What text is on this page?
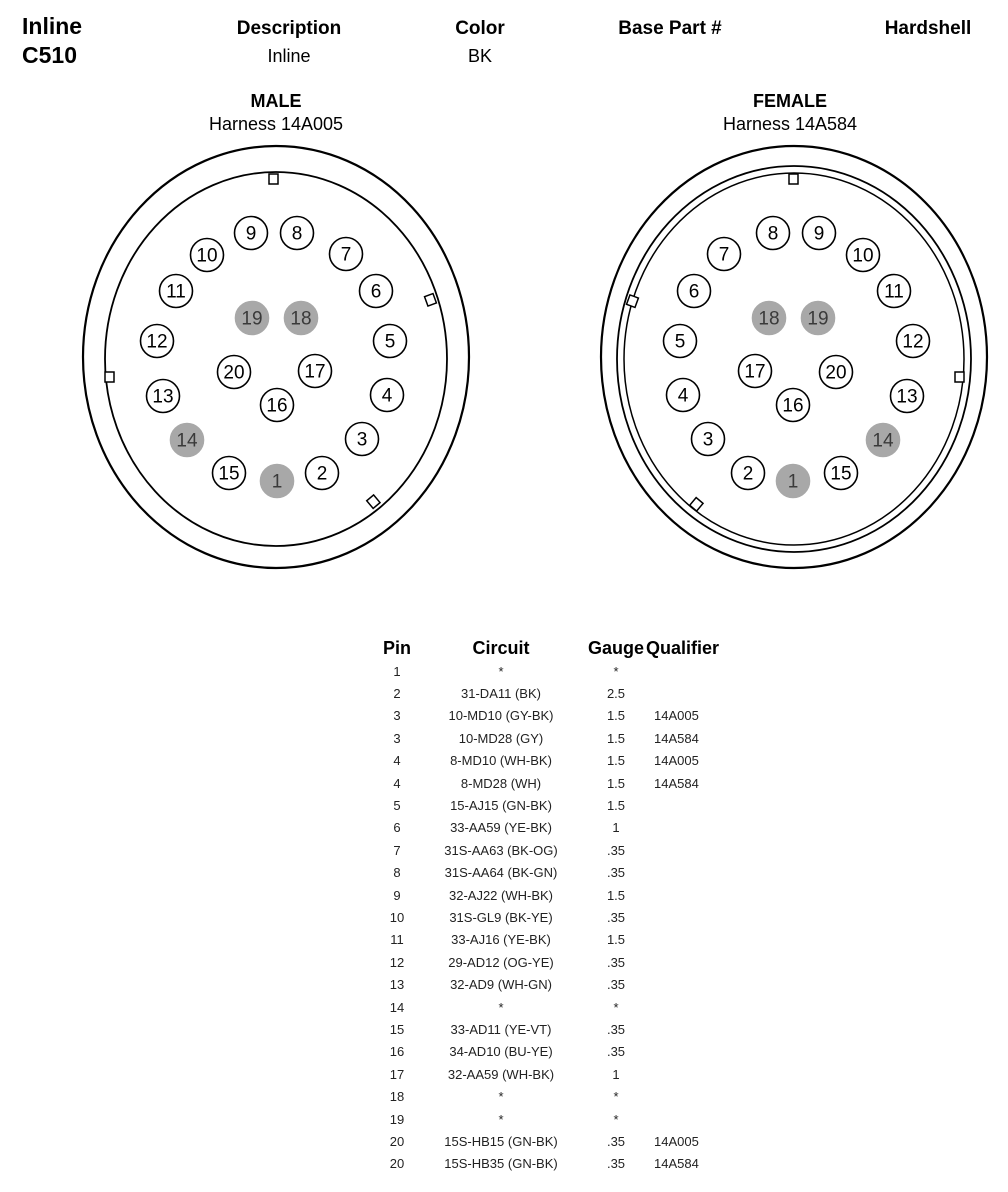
Inline
C510
Description
Inline
Color
BK
Base Part #	Hardshell
MALE
Harness 14A005
FEMALE
Harness 14A584
1 2
3
4
5
6
7
8
9
10
11
12
13
14
15
16
17
18
19
20
1
2
3
4
5
6
7
8 9
10
11
12
13
14
15
16
17
18 19
20
Pin	Circuit	Gauge	Qualifier
1	*	*	
2	31-DA11 (BK)	2.5	
3	10-MD10 (GY-BK)	1.5	14A005
3	10-MD28 (GY)	1.5	14A584
4	8-MD10 (WH-BK)	1.5	14A005
4	8-MD28 (WH)	1.5	14A584
5	15-AJ15 (GN-BK)	1.5	
6	33-AA59 (YE-BK)	1	
7	31S-AA63 (BK-OG)	.35	
8	31S-AA64 (BK-GN)	.35	
9	32-AJ22 (WH-BK)	1.5	
10	31S-GL9 (BK-YE)	.35	
11	33-AJ16 (YE-BK)	1.5	
12	29-AD12 (OG-YE)	.35	
13	32-AD9 (WH-GN)	.35	
14	*	*	
15	33-AD11 (YE-VT)	.35	
16	34-AD10 (BU-YE)	.35	
17	32-AA59 (WH-BK)	1	
18	*	*	
19	*	*	
20	15S-HB15 (GN-BK)	.35	14A005
20	15S-HB35 (GN-BK)	.35	14A584
